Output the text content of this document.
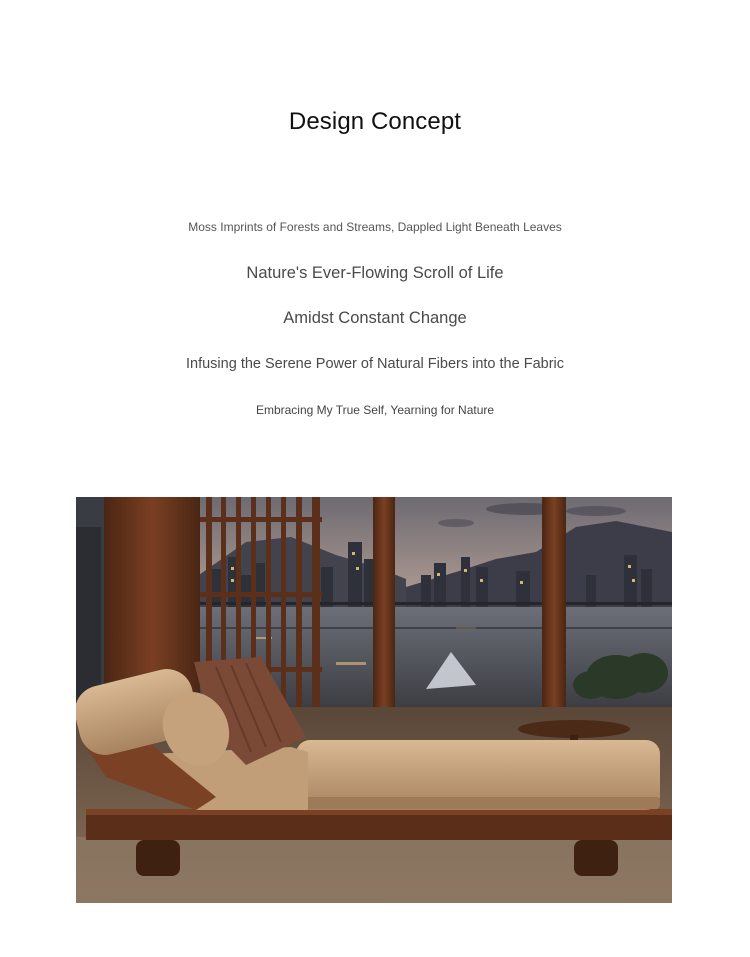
Design Concept
Moss Imprints of Forests and Streams, Dappled Light Beneath Leaves
Nature's Ever-Flowing Scroll of Life
Amidst Constant Change
Infusing the Serene Power of Natural Fibers into the Fabric
Embracing My True Self, Yearning for Nature
